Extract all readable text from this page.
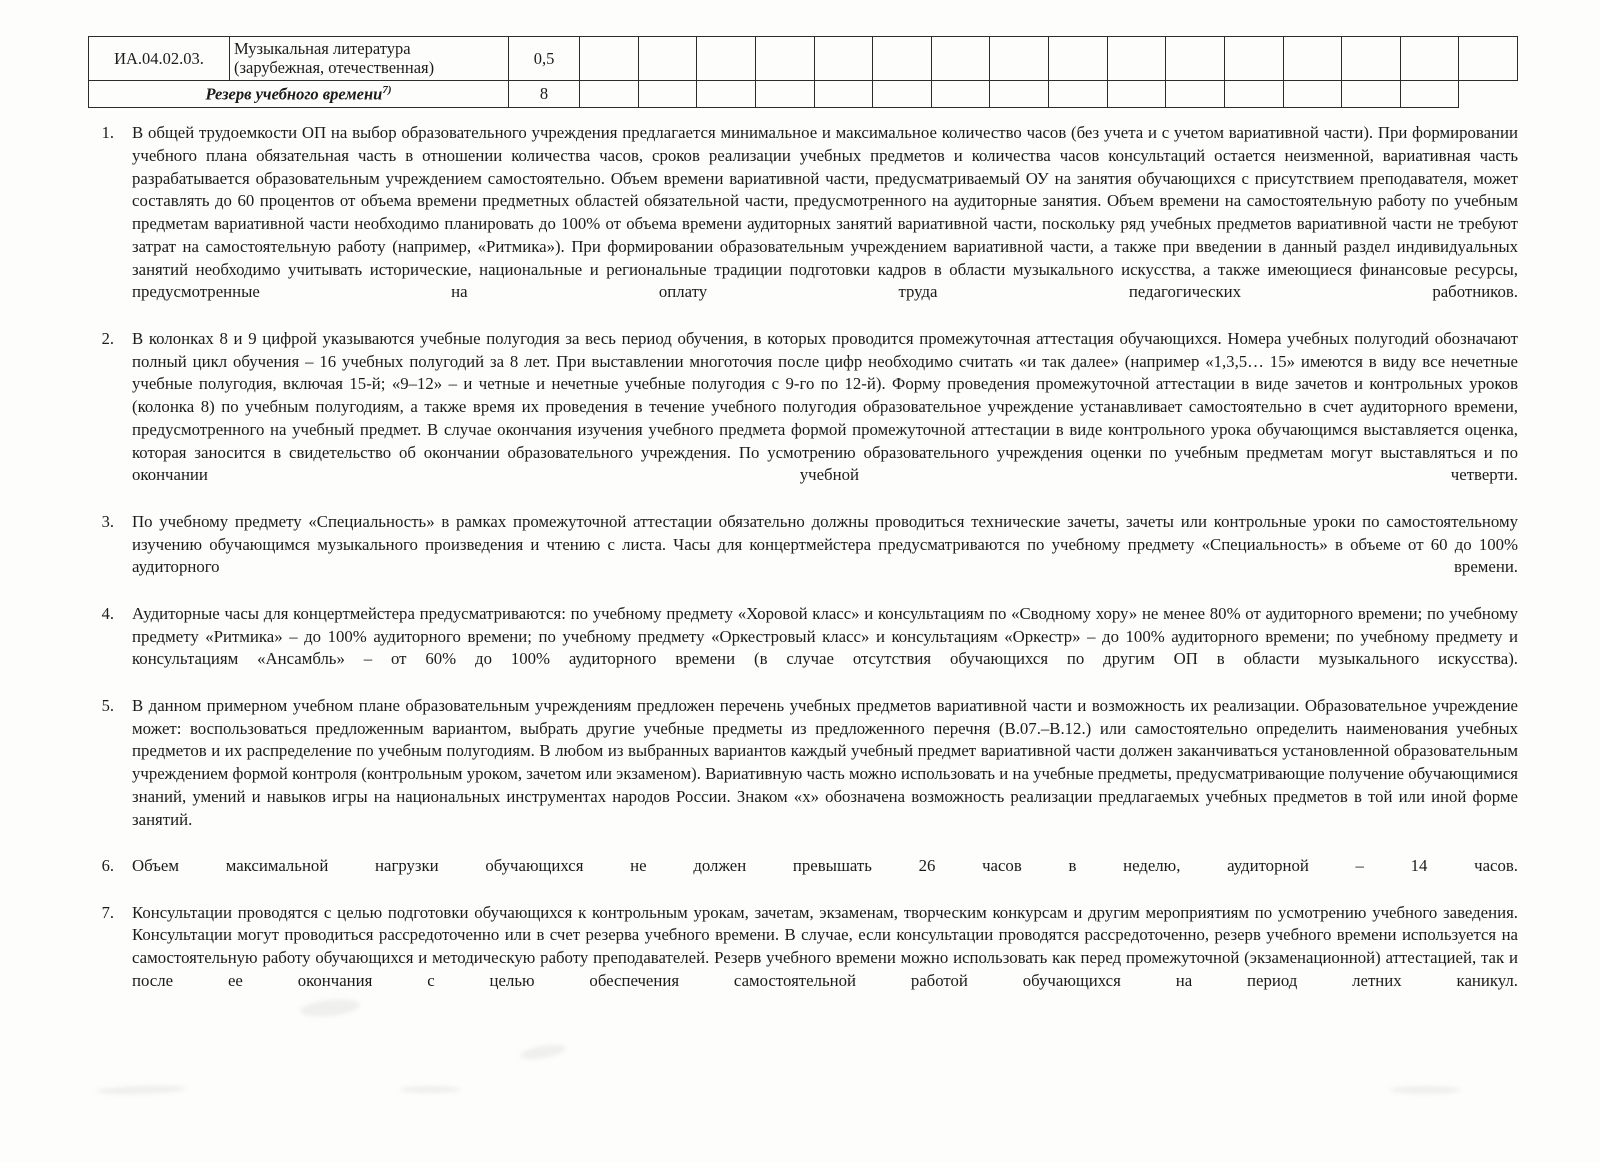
ИА.04.02.03.	Музыкальная литература (зарубежная, отечественная)	0,5																
Резерв учебного времени$^{7)}$		8																
1.	В общей трудоемкости ОП на выбор образовательного учреждения предлагается минимальное и максимальное количество часов (без учета и с учетом вариативной части). При формировании учебного плана обязательная часть в отношении количества часов, сроков реализации учебных предметов и количества часов консультаций остается неизменной, вариативная часть разрабатывается образовательным учреждением самостоятельно. Объем времени вариативной части, предусматриваемый ОУ на занятия обучающихся с присутствием преподавателя, может составлять до 60 процентов от объема времени предметных областей обязательной части, предусмотренного на аудиторные занятия. Объем времени на самостоятельную работу по учебным предметам вариативной части необходимо планировать до 100% от объема времени аудиторных занятий вариативной части, поскольку ряд учебных предметов вариативной части не требуют затрат на самостоятельную работу (например, «Ритмика»). При формировании образовательным учреждением вариативной части, а также при введении в данный раздел индивидуальных занятий необходимо учитывать исторические, национальные и региональные традиции подготовки кадров в области музыкального искусства, а также имеющиеся финансовые ресурсы, предусмотренные на оплату труда педагогических работников.
2.	В колонках 8 и 9 цифрой указываются учебные полугодия за весь период обучения, в которых проводится промежуточная аттестация обучающихся. Номера учебных полугодий обозначают полный цикл обучения – 16 учебных полугодий за 8 лет. При выставлении многоточия после цифр необходимо считать «и так далее» (например «1,3,5… 15» имеются в виду все нечетные учебные полугодия, включая 15-й; «9–12» – и четные и нечетные учебные полугодия с 9-го по 12-й). Форму проведения промежуточной аттестации в виде зачетов и контрольных уроков (колонка 8) по учебным полугодиям, а также время их проведения в течение учебного полугодия образовательное учреждение устанавливает самостоятельно в счет аудиторного времени, предусмотренного на учебный предмет. В случае окончания изучения учебного предмета формой промежуточной аттестации в виде контрольного урока обучающимся выставляется оценка, которая заносится в свидетельство об окончании образовательного учреждения. По усмотрению образовательного учреждения оценки по учебным предметам могут выставляться и по окончании учебной четверти.
3.	По учебному предмету «Специальность» в рамках промежуточной аттестации обязательно должны проводиться технические зачеты, зачеты или контрольные уроки по самостоятельному изучению обучающимся музыкального произведения и чтению с листа. Часы для концертмейстера предусматриваются по учебному предмету «Специальность» в объеме от 60 до 100% аудиторного времени.
4.	Аудиторные часы для концертмейстера предусматриваются: по учебному предмету «Хоровой класс» и консультациям по «Сводному хору» не менее 80% от аудиторного времени; по учебному предмету «Ритмика» – до 100% аудиторного времени; по учебному предмету «Оркестровый класс» и консультациям «Оркестр» – до 100% аудиторного времени; по учебному предмету и консультациям «Ансамбль» – от 60% до 100% аудиторного времени (в случае отсутствия обучающихся по другим ОП в области музыкального искусства).
5.	В данном примерном учебном плане образовательным учреждениям предложен перечень учебных предметов вариативной части и возможность их реализации. Образовательное учреждение может: воспользоваться предложенным вариантом, выбрать другие учебные предметы из предложенного перечня (В.07.–В.12.) или самостоятельно определить наименования учебных предметов и их распределение по учебным полугодиям. В любом из выбранных вариантов каждый учебный предмет вариативной части должен заканчиваться установленной образовательным учреждением формой контроля (контрольным уроком, зачетом или экзаменом). Вариативную часть можно использовать и на учебные предметы, предусматривающие получение обучающимися знаний, умений и навыков игры на национальных инструментах народов России. Знаком «х» обозначена возможность реализации предлагаемых учебных предметов в той или иной форме занятий.
6.	Объем максимальной нагрузки обучающихся не должен превышать 26 часов в неделю, аудиторной – 14 часов.
7.	Консультации проводятся с целью подготовки обучающихся к контрольным урокам, зачетам, экзаменам, творческим конкурсам и другим мероприятиям по усмотрению учебного заведения. Консультации могут проводиться рассредоточенно или в счет резерва учебного времени. В случае, если консультации проводятся рассредоточенно, резерв учебного времени используется на самостоятельную работу обучающихся и методическую работу преподавателей. Резерв учебного времени можно использовать как перед промежуточной (экзаменационной) аттестацией, так и после ее окончания с целью обеспечения самостоятельной работой обучающихся на период летних каникул.
